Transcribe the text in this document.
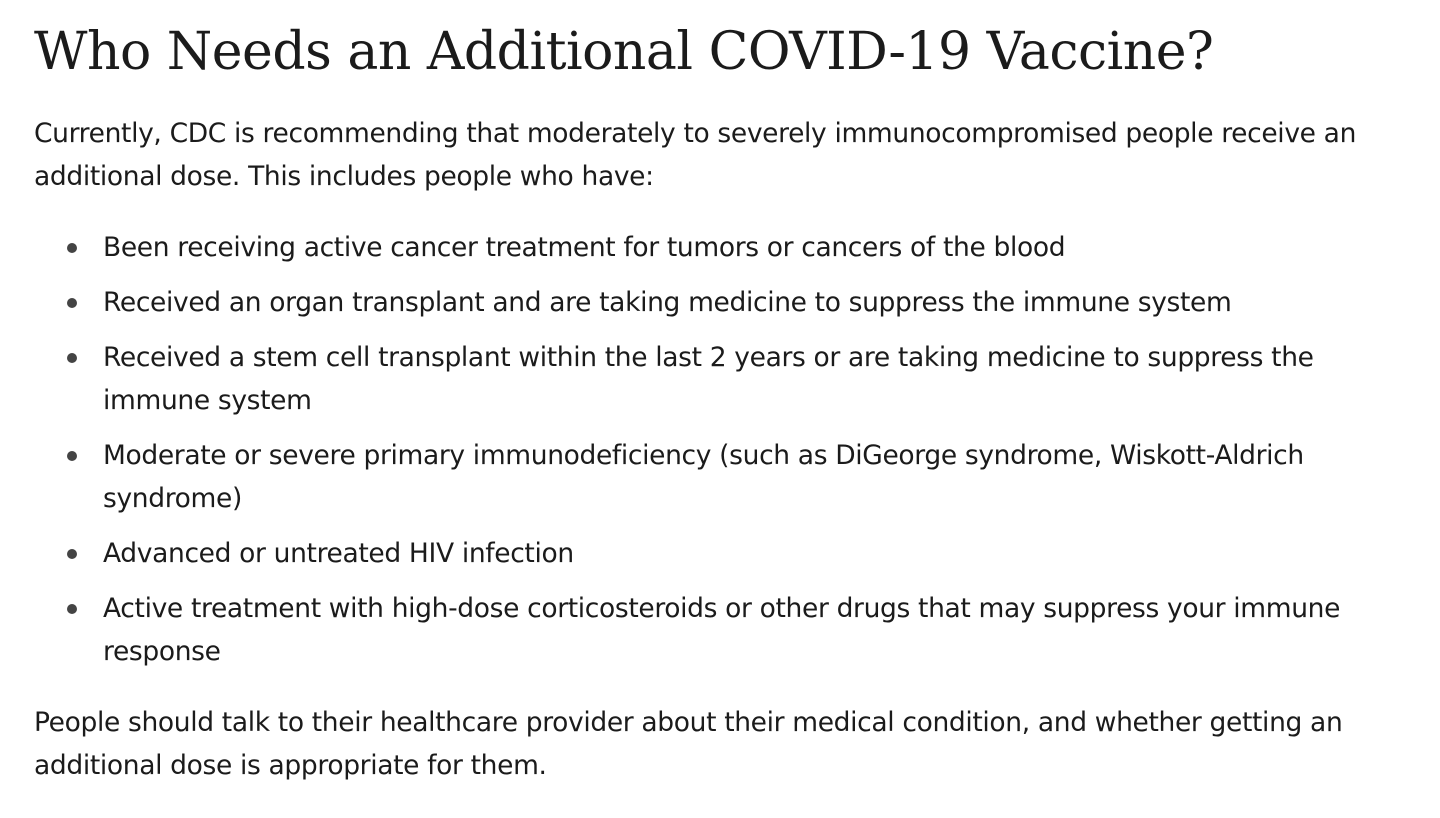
Who Needs an Additional COVID-19 Vaccine?

Currently, CDC is recommending that moderately to severely immunocompromised people receive an additional dose. This includes people who have:

Been receiving active cancer treatment for tumors or cancers of the blood
Received an organ transplant and are taking medicine to suppress the immune system
Received a stem cell transplant within the last 2 years or are taking medicine to suppress the immune system
Moderate or severe primary immunodeficiency (such as DiGeorge syndrome, Wiskott-Aldrich syndrome)
Advanced or untreated HIV infection
Active treatment with high-dose corticosteroids or other drugs that may suppress your immune response

People should talk to their healthcare provider about their medical condition, and whether getting an additional dose is appropriate for them.
